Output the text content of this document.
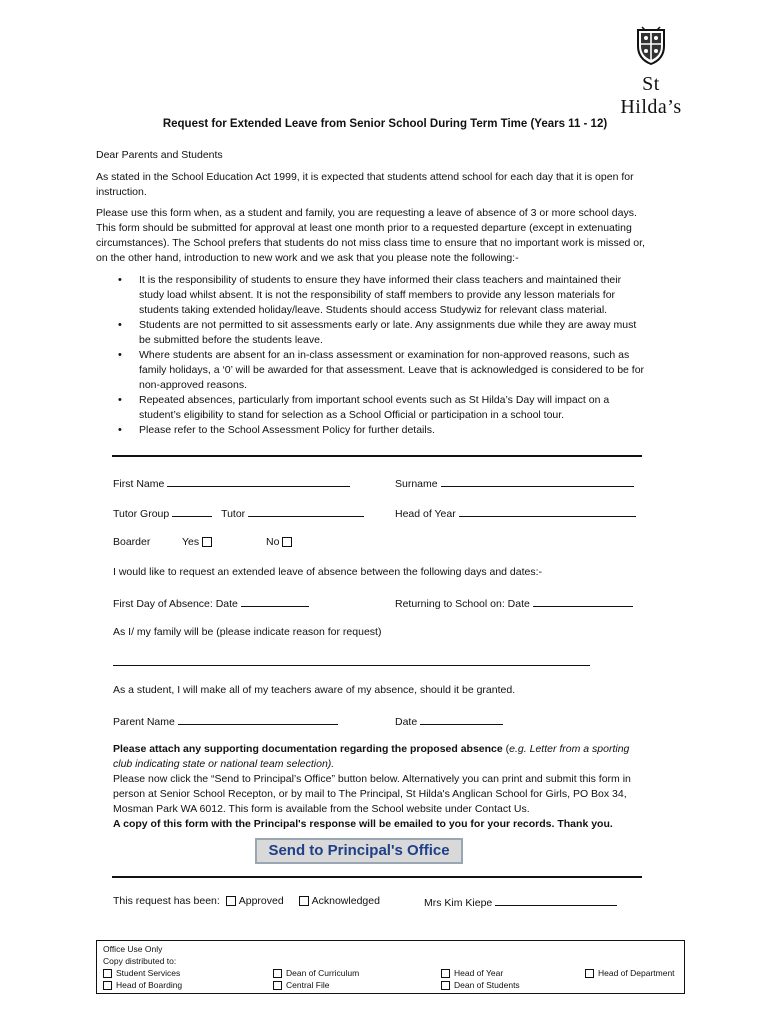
St Hilda’s
Request for Extended Leave from Senior School During Term Time (Years 11 - 12)
Dear Parents and Students
As stated in the School Education Act 1999, it is expected that students attend school for each day that it is open for instruction.
Please use this form when, as a student and family, you are requesting a leave of absence of 3 or more school days. This form should be submitted for approval at least one month prior to a requested departure (except in extenuating circumstances). The School prefers that students do not miss class time to ensure that no important work is missed or, on the other hand, introduction to new work and we ask that you please note the following:-
• It is the responsibility of students to ensure they have informed their class teachers and maintained their study load whilst absent. It is not the responsibility of staff members to provide any lesson materials for students taking extended holiday/leave. Students should access Studywiz for relevant class material.
• Students are not permitted to sit assessments early or late. Any assignments due while they are away must be submitted before the students leave.
• Where students are absent for an in-class assessment or examination for non-approved reasons, such as family holidays, a ‘0’ will be awarded for that assessment. Leave that is acknowledged is considered to be for non-approved reasons.
• Repeated absences, particularly from important school events such as St Hilda’s Day will impact on a student’s eligibility to stand for selection as a School Official or participation in a school tour.
• Please refer to the School Assessment Policy for further details.
First Name	Surname
Tutor Group	Tutor	Head of Year
Boarder	Yes	No
I would like to request an extended leave of absence between the following days and dates:-
First Day of Absence: Date	Returning to School on: Date
As I/ my family will be (please indicate reason for request)
As a student, I will make all of my teachers aware of my absence, should it be granted.
Parent Name	Date
Please attach any supporting documentation regarding the proposed absence (e.g. Letter from a sporting club indicating state or national team selection).
Please now click the “Send to Principal’s Office” button below. Alternatively you can print and submit this form in person at Senior School Recepton, or by mail to The Principal, St Hilda's Anglican School for Girls, PO Box 34, Mosman Park WA 6012. This form is available from the School website under Contact Us.
A copy of this form with the Principal's response will be emailed to you for your records. Thank you.
Send to Principal's Office
This request has been: Approved	Acknowledged	Mrs Kim Kiepe
Office Use Only
Copy distributed to:
Student Services	Dean of Curriculum	Head of Year	Head of Department
Head of Boarding	Central File	Dean of Students
